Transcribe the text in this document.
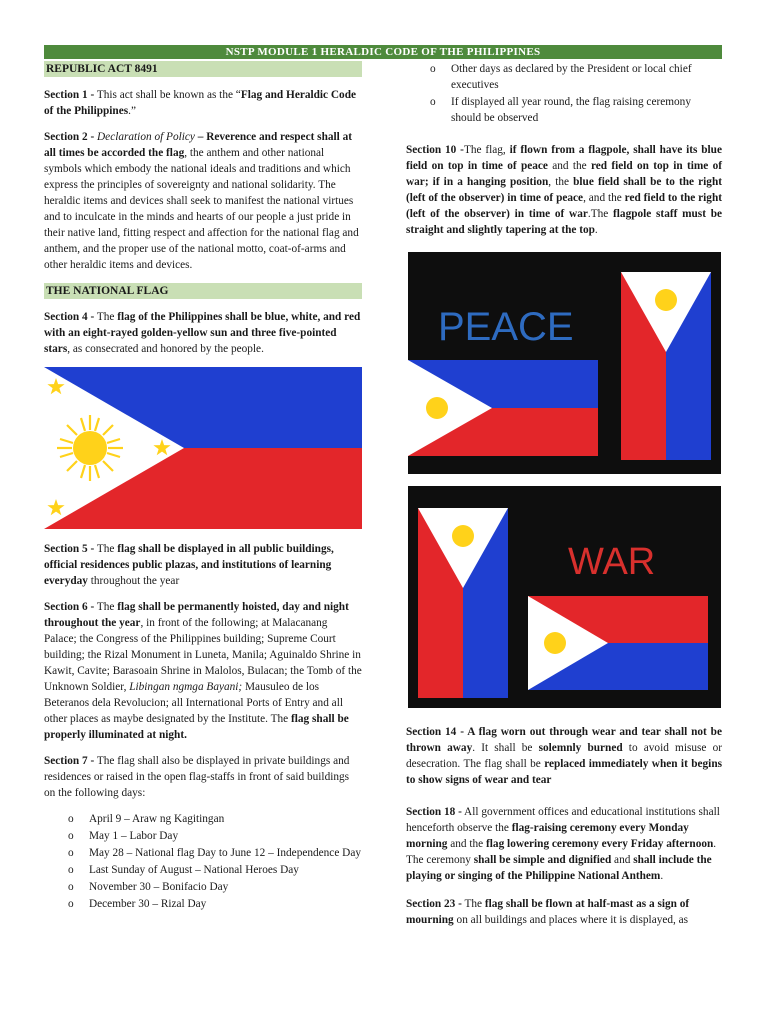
NSTP MODULE 1 HERALDIC CODE OF THE PHILIPPINES
REPUBLIC ACT 8491

Section 1 - This act shall be known as the “Flag and Heraldic Code of the Philippines.”

Section 2 - Declaration of Policy – Reverence and respect shall at all times be accorded the flag, the anthem and other national symbols which embody the national ideals and traditions and which express the principles of sovereignty and national solidarity. The heraldic items and devices shall seek to manifest the national virtues and to inculcate in the minds and hearts of our people a just pride in their native land, fitting respect and affection for the national flag and anthem, and the proper use of the national motto, coat-of-arms and other heraldic items and devices.

THE NATIONAL FLAG

Section 4 - The flag of the Philippines shall be blue, white, and red with an eight-rayed golden-yellow sun and three five-pointed stars, as consecrated and honored by the people.

Section 5 - The flag shall be displayed in all public buildings, official residences public plazas, and institutions of learning everyday throughout the year

Section 6 - The flag shall be permanently hoisted, day and night throughout the year, in front of the following; at Malacanang Palace; the Congress of the Philippines building; Supreme Court building; the Rizal Monument in Luneta, Manila; Aguinaldo Shrine in Kawit, Cavite; Barasoain Shrine in Malolos, Bulacan; the Tomb of the Unknown Soldier, Libingan ngmga Bayani; Mausuleo de los Beteranos dela Revolucion; all International Ports of Entry and all other places as maybe designated by the Institute. The flag shall be properly illuminated at night.

Section 7 - The flag shall also be displayed in private buildings and residences or raised in the open flag-staffs in front of said buildings on the following days:

o April 9 – Araw ng Kagitingan
o May 1 – Labor Day
o May 28 – National flag Day to June 12 – Independence Day
o Last Sunday of August – National Heroes Day
o November 30 – Bonifacio Day
o December 30 – Rizal Day
o Other days as declared by the President or local chief executives
o If displayed all year round, the flag raising ceremony should be observed

Section 10 -The flag, if flown from a flagpole, shall have its blue field on top in time of peace and the red field on top in time of war; if in a hanging position, the blue field shall be to the right (left of the observer) in time of peace, and the red field to the right (left of the observer) in time of war.The flagpole staff must be straight and slightly tapering at the top.

PEACE
WAR

Section 14 - A flag worn out through wear and tear shall not be thrown away. It shall be solemnly burned to avoid misuse or desecration. The flag shall be replaced immediately when it begins to show signs of wear and tear

Section 18 - All government offices and educational institutions shall henceforth observe the flag-raising ceremony every Monday morning and the flag lowering ceremony every Friday afternoon. The ceremony shall be simple and dignified and shall include the playing or singing of the Philippine National Anthem.

Section 23 - The flag shall be flown at half-mast as a sign of mourning on all buildings and places where it is displayed, as
